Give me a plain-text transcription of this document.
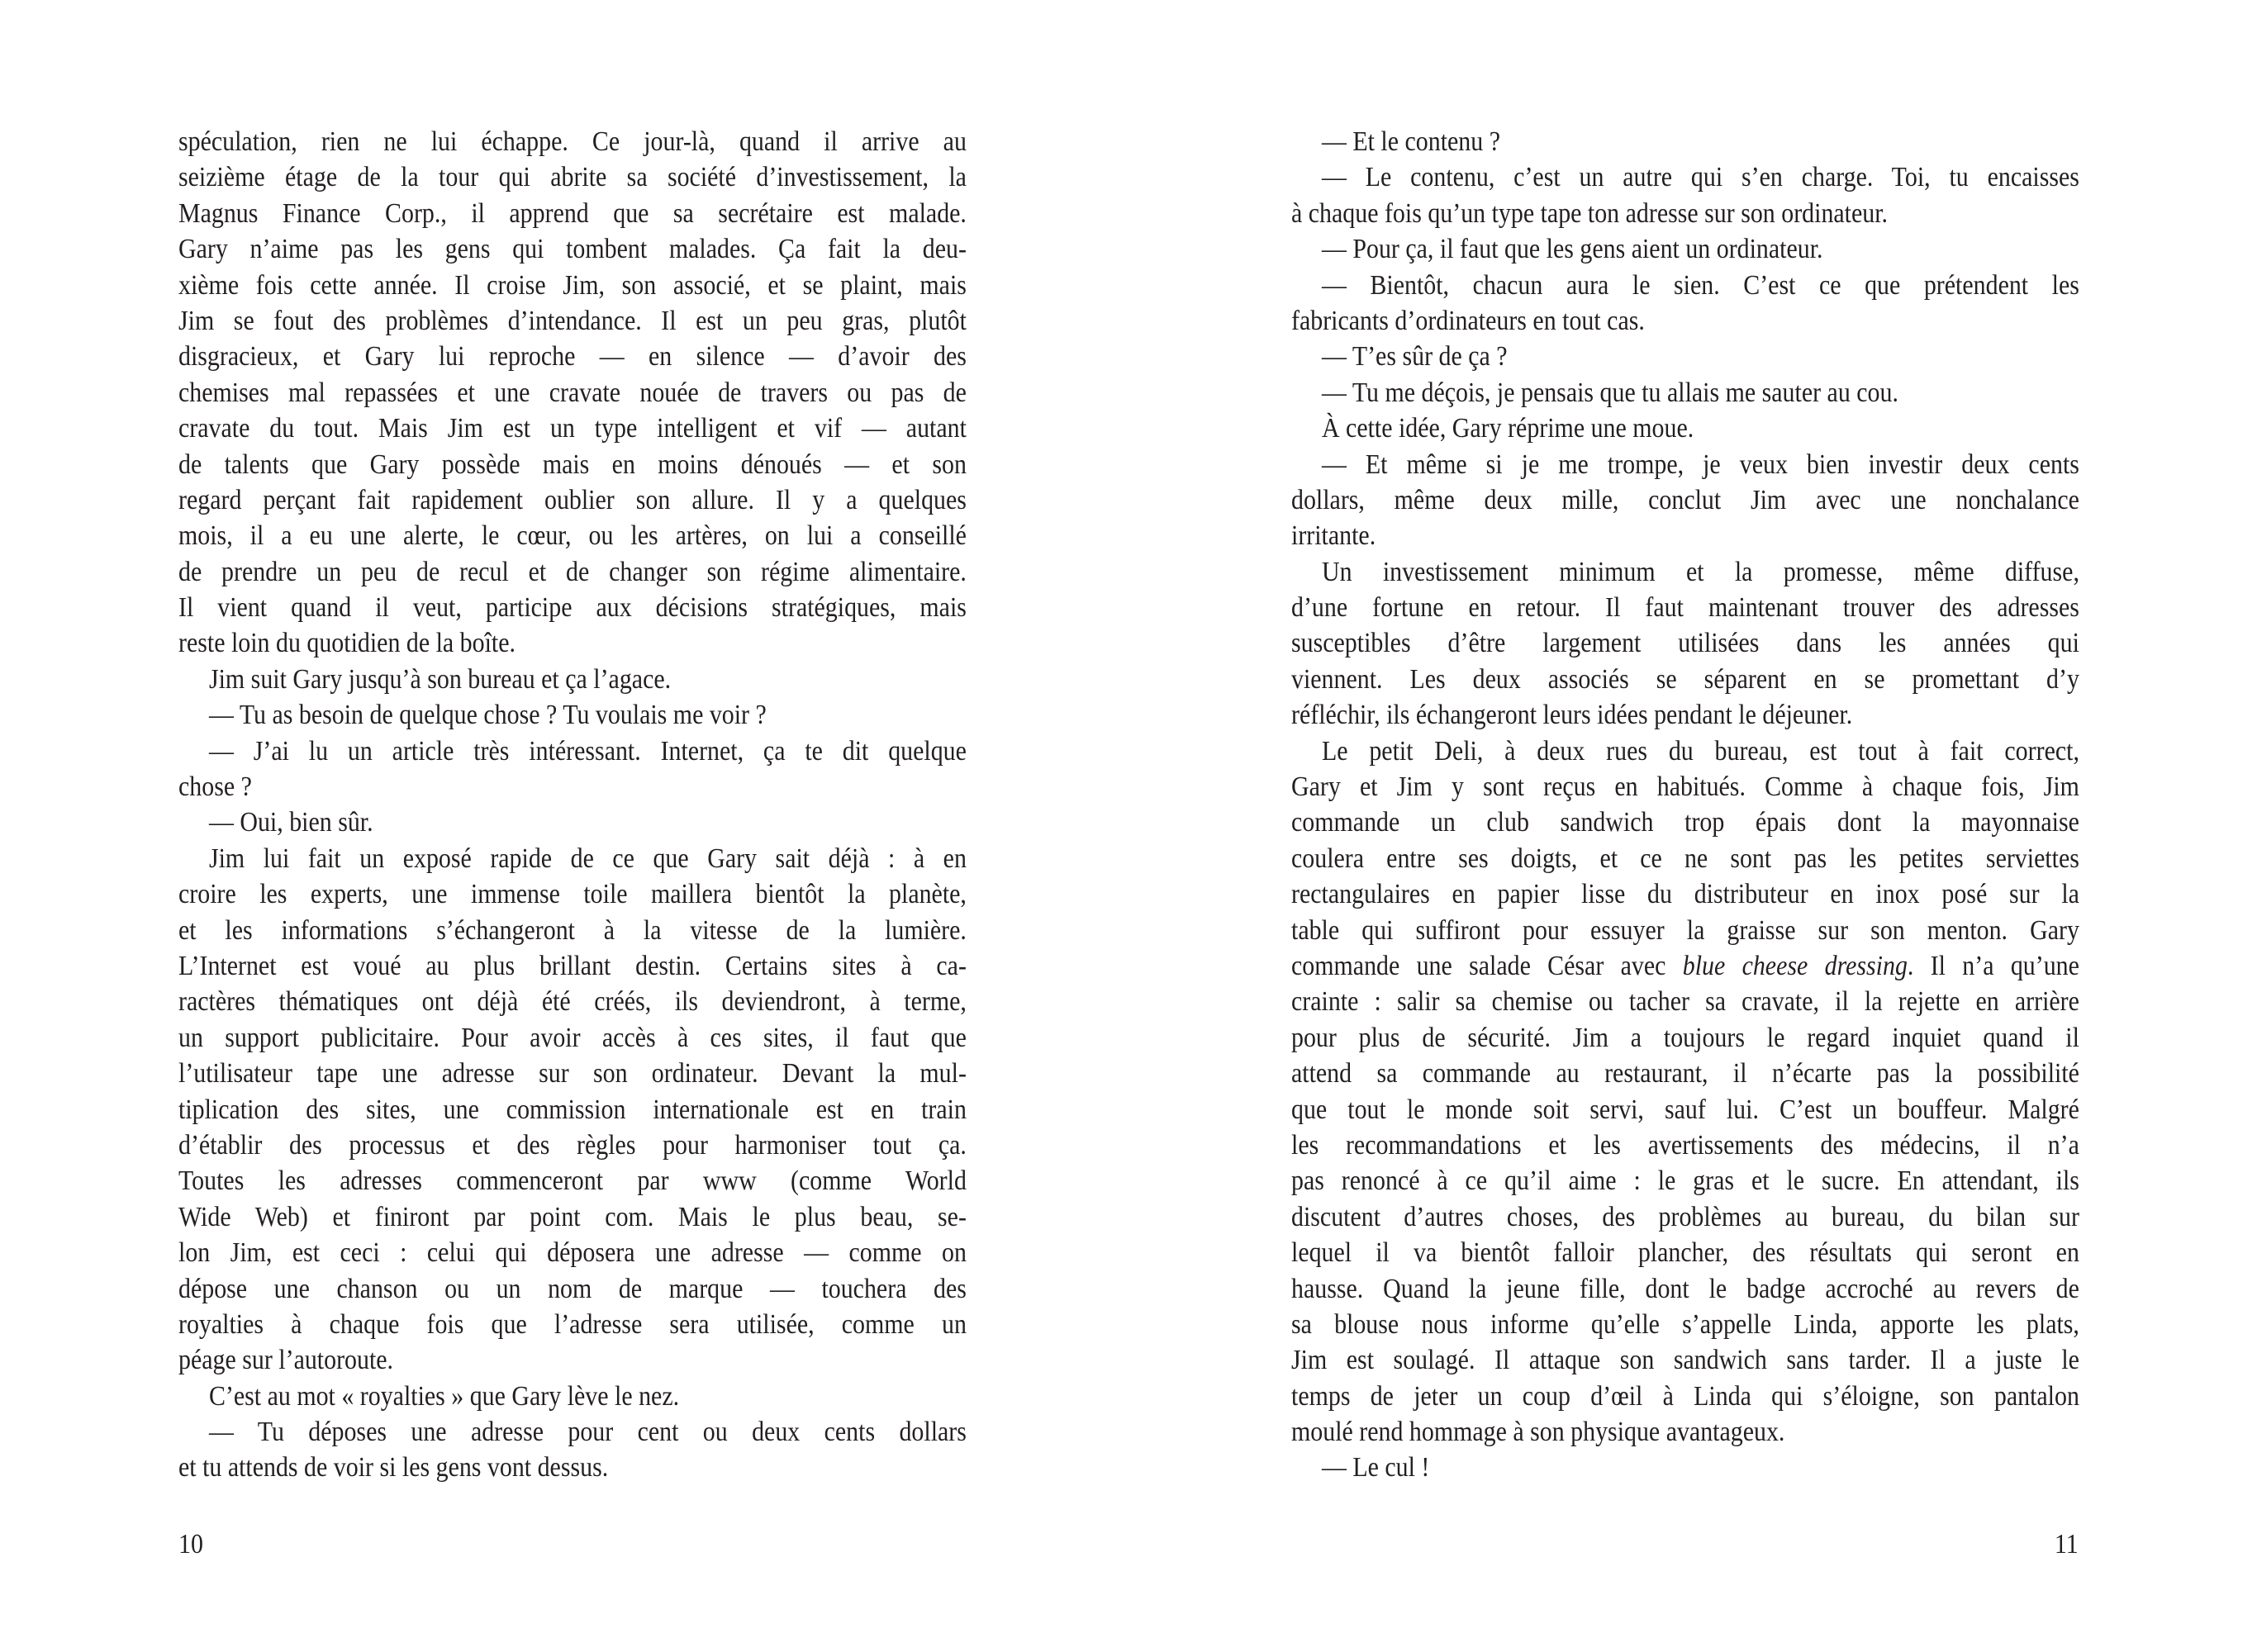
spéculation, rien ne lui échappe. Ce jour-là, quand il arrive au
seizième étage de la tour qui abrite sa société d’investissement, la
Magnus Finance Corp., il apprend que sa secrétaire est malade.
Gary n’aime pas les gens qui tombent malades. Ça fait la deu-
xième fois cette année. Il croise Jim, son associé, et se plaint, mais
Jim se fout des problèmes d’intendance. Il est un peu gras, plutôt
disgracieux, et Gary lui reproche — en silence — d’avoir des
chemises mal repassées et une cravate nouée de travers ou pas de
cravate du tout. Mais Jim est un type intelligent et vif — autant
de talents que Gary possède mais en moins dénoués — et son
regard perçant fait rapidement oublier son allure. Il y a quelques
mois, il a eu une alerte, le cœur, ou les artères, on lui a conseillé
de prendre un peu de recul et de changer son régime alimentaire.
Il vient quand il veut, participe aux décisions stratégiques, mais
reste loin du quotidien de la boîte.
Jim suit Gary jusqu’à son bureau et ça l’agace.
— Tu as besoin de quelque chose ? Tu voulais me voir ?
— J’ai lu un article très intéressant. Internet, ça te dit quelque
chose ?
— Oui, bien sûr.
Jim lui fait un exposé rapide de ce que Gary sait déjà : à en
croire les experts, une immense toile maillera bientôt la planète,
et les informations s’échangeront à la vitesse de la lumière.
L’Internet est voué au plus brillant destin. Certains sites à ca-
ractères thématiques ont déjà été créés, ils deviendront, à terme,
un support publicitaire. Pour avoir accès à ces sites, il faut que
l’utilisateur tape une adresse sur son ordinateur. Devant la mul-
tiplication des sites, une commission internationale est en train
d’établir des processus et des règles pour harmoniser tout ça.
Toutes les adresses commenceront par www (comme World
Wide Web) et finiront par point com. Mais le plus beau, se-
lon Jim, est ceci : celui qui déposera une adresse — comme on
dépose une chanson ou un nom de marque — touchera des
royalties à chaque fois que l’adresse sera utilisée, comme un
péage sur l’autoroute.
C’est au mot « royalties » que Gary lève le nez.
— Tu déposes une adresse pour cent ou deux cents dollars
et tu attends de voir si les gens vont dessus.
10
— Et le contenu ?
— Le contenu, c’est un autre qui s’en charge. Toi, tu encaisses
à chaque fois qu’un type tape ton adresse sur son ordinateur.
— Pour ça, il faut que les gens aient un ordinateur.
— Bientôt, chacun aura le sien. C’est ce que prétendent les
fabricants d’ordinateurs en tout cas.
— T’es sûr de ça ?
— Tu me déçois, je pensais que tu allais me sauter au cou.
À cette idée, Gary réprime une moue.
— Et même si je me trompe, je veux bien investir deux cents
dollars, même deux mille, conclut Jim avec une nonchalance
irritante.
Un investissement minimum et la promesse, même diffuse,
d’une fortune en retour. Il faut maintenant trouver des adresses
susceptibles d’être largement utilisées dans les années qui
viennent. Les deux associés se séparent en se promettant d’y
réfléchir, ils échangeront leurs idées pendant le déjeuner.
Le petit Deli, à deux rues du bureau, est tout à fait correct,
Gary et Jim y sont reçus en habitués. Comme à chaque fois, Jim
commande un club sandwich trop épais dont la mayonnaise
coulera entre ses doigts, et ce ne sont pas les petites serviettes
rectangulaires en papier lisse du distributeur en inox posé sur la
table qui suffiront pour essuyer la graisse sur son menton. Gary
commande une salade César avec blue cheese dressing. Il n’a qu’une
crainte : salir sa chemise ou tacher sa cravate, il la rejette en arrière
pour plus de sécurité. Jim a toujours le regard inquiet quand il
attend sa commande au restaurant, il n’écarte pas la possibilité
que tout le monde soit servi, sauf lui. C’est un bouffeur. Malgré
les recommandations et les avertissements des médecins, il n’a
pas renoncé à ce qu’il aime : le gras et le sucre. En attendant, ils
discutent d’autres choses, des problèmes au bureau, du bilan sur
lequel il va bientôt falloir plancher, des résultats qui seront en
hausse. Quand la jeune fille, dont le badge accroché au revers de
sa blouse nous informe qu’elle s’appelle Linda, apporte les plats,
Jim est soulagé. Il attaque son sandwich sans tarder. Il a juste le
temps de jeter un coup d’œil à Linda qui s’éloigne, son pantalon
moulé rend hommage à son physique avantageux.
— Le cul !
11
